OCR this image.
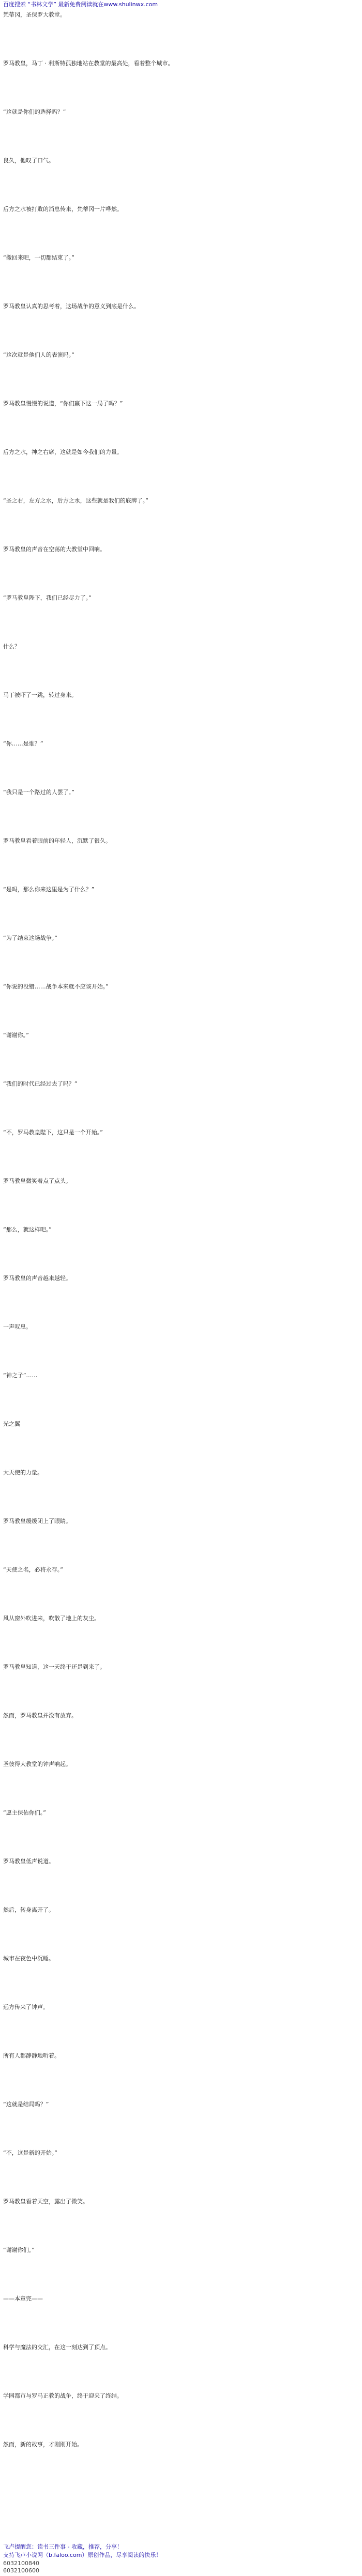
百度搜索 “书林文学” 最新免费阅读就在www.shulinwx.com
梵蒂冈，圣保罗大教堂。
罗马教皇，马丁 · 利斯特孤独地站在教堂的最高处，看着整个城市。
“这就是你们的选择吗？”
良久，他叹了口气。
后方之水被打败的消息传来，梵蒂冈一片哗然。
“撤回来吧，一切都结束了。”
罗马教皇认真的思考着，这场战争的意义到底是什么。
“这次就是他们人的表演吗。”
罗马教皇慢慢的说道，“你们赢下这一局了吗？”
后方之水，神之右席，这就是如今我们的力量。
“圣之右，左方之水，后方之水，这些就是我们的底牌了。”
罗马教皇的声音在空荡的大教堂中回响。
“罗马教皇陛下，我们已经尽力了。”
什么？
马丁被吓了一跳，转过身来。
“你……是谁？”
“我只是一个路过的人罢了。”
罗马教皇看着眼前的年轻人，沉默了很久。
“是吗，那么你来这里是为了什么？”
“为了结束这场战争。”
“你说的没错……战争本来就不应该开始。”
“谢谢你。”
“我们的时代已经过去了吗？”
“不，罗马教皇陛下，这只是一个开始。”
罗马教皇微笑着点了点头。
“那么，就这样吧。”
罗马教皇的声音越来越轻。
一声叹息。
“神之子”……
光之翼
大天使的力量。
罗马教皇缓缓闭上了眼睛。
“天使之名，必将永存。”
风从窗外吹进来，吹散了地上的灰尘。
罗马教皇知道，这一天终于还是到来了。
然而，罗马教皇并没有放弃。
圣彼得大教堂的钟声响起。
“愿主保佑你们。”
罗马教皇低声说道。
然后，转身离开了。
城市在夜色中沉睡。
远方传来了钟声。
所有人都静静地听着。
“这就是结局吗？”
“不，这是新的开始。”
罗马教皇看着天空，露出了微笑。
“谢谢你们。”
——本章完——
科学与魔法的交汇，在这一刻达到了顶点。
学园都市与罗马正教的战争，终于迎来了终结。
然而，新的故事，才刚刚开始。
飞卢提醒您：读书三件事 - 收藏，推荐，分享！
支持飞卢小说网（b.faloo.com）原创作品，尽享阅读的快乐！
6032100840
6032100600
